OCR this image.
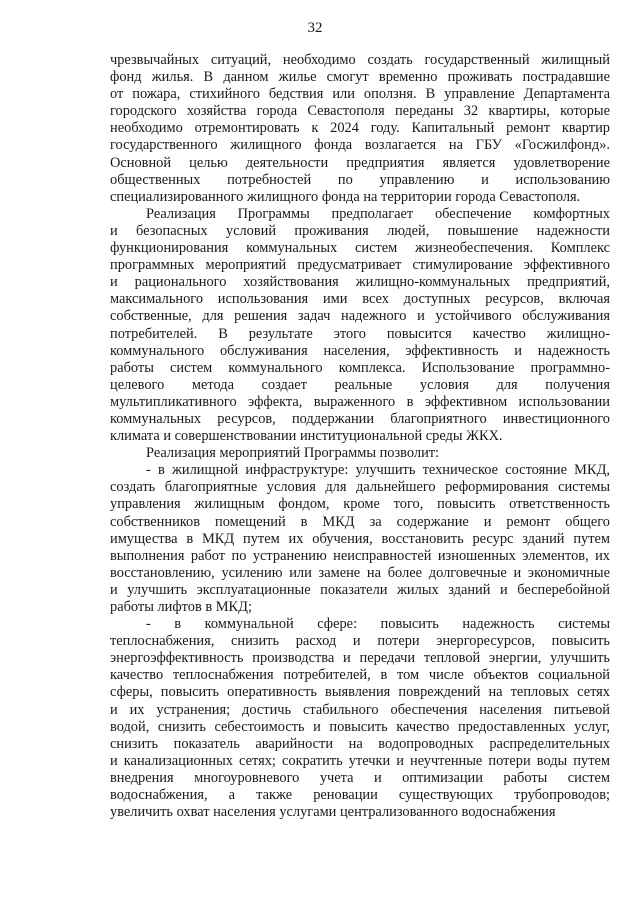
32
чрезвычайных ситуаций, необходимо создать государственный жилищный
фонд жилья. В данном жилье смогут временно проживать пострадавшие
от пожара, стихийного бедствия или оползня. В управление Департамента
городского хозяйства города Севастополя переданы 32 квартиры, которые
необходимо отремонтировать к 2024 году. Капитальный ремонт квартир
государственного жилищного фонда возлагается на ГБУ «Госжилфонд».
Основной целью деятельности предприятия является удовлетворение
общественных потребностей по управлению и использованию
специализированного жилищного фонда на территории города Севастополя.
Реализация Программы предполагает обеспечение комфортных
и безопасных условий проживания людей, повышение надежности
функционирования коммунальных систем жизнеобеспечения. Комплекс
программных мероприятий предусматривает стимулирование эффективного
и рационального хозяйствования жилищно-коммунальных предприятий,
максимального использования ими всех доступных ресурсов, включая
собственные, для решения задач надежного и устойчивого обслуживания
потребителей. В результате этого повысится качество жилищно-
коммунального обслуживания населения, эффективность и надежность
работы систем коммунального комплекса. Использование программно-
целевого метода создает реальные условия для получения
мультипликативного эффекта, выраженного в эффективном использовании
коммунальных ресурсов, поддержании благоприятного инвестиционного
климата и совершенствовании институциональной среды ЖКХ.
Реализация мероприятий Программы позволит:
- в жилищной инфраструктуре: улучшить техническое состояние МКД,
создать благоприятные условия для дальнейшего реформирования системы
управления жилищным фондом, кроме того, повысить ответственность
собственников помещений в МКД за содержание и ремонт общего
имущества в МКД путем их обучения, восстановить ресурс зданий путем
выполнения работ по устранению неисправностей изношенных элементов, их
восстановлению, усилению или замене на более долговечные и экономичные
и улучшить эксплуатационные показатели жилых зданий и бесперебойной
работы лифтов в МКД;
- в коммунальной сфере: повысить надежность системы
теплоснабжения, снизить расход и потери энергоресурсов, повысить
энергоэффективность производства и передачи тепловой энергии, улучшить
качество теплоснабжения потребителей, в том числе объектов социальной
сферы, повысить оперативность выявления повреждений на тепловых сетях
и их устранения; достичь стабильного обеспечения населения питьевой
водой, снизить себестоимость и повысить качество предоставленных услуг,
снизить показатель аварийности на водопроводных распределительных
и канализационных сетях; сократить утечки и неучтенные потери воды путем
внедрения многоуровневого учета и оптимизации работы систем
водоснабжения, а также реновации существующих трубопроводов;
увеличить охват населения услугами централизованного водоснабжения
